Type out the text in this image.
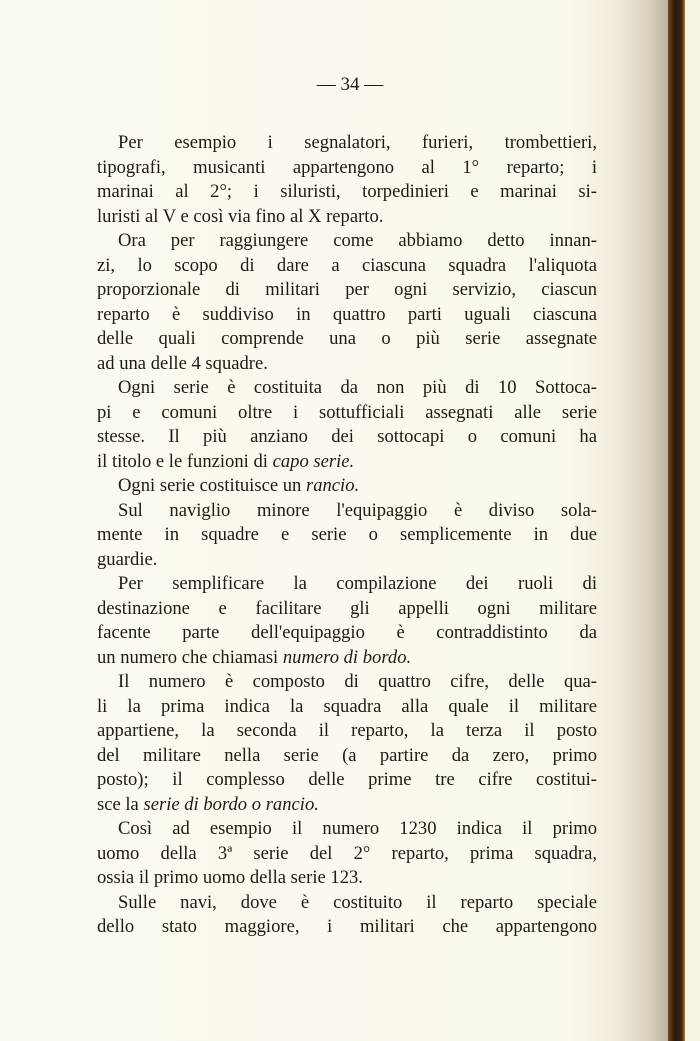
— 34 —
Per esempio i segnalatori, furieri, trombettieri,
tipografi, musicanti appartengono al 1° reparto; i
marinai al 2°; i siluristi, torpedinieri e marinai si-
luristi al V e così via fino al X reparto.
Ora per raggiungere come abbiamo detto innan-
zi, lo scopo di dare a ciascuna squadra l'aliquota
proporzionale di militari per ogni servizio, ciascun
reparto è suddiviso in quattro parti uguali ciascuna
delle quali comprende una o più serie assegnate
ad una delle 4 squadre.
Ogni serie è costituita da non più di 10 Sottoca-
pi e comuni oltre i sottufficiali assegnati alle serie
stesse. Il più anziano dei sottocapi o comuni ha
il titolo e le funzioni di capo serie.
Ogni serie costituisce un rancio.
Sul naviglio minore l'equipaggio è diviso sola-
mente in squadre e serie o semplicemente in due
guardie.
Per semplificare la compilazione dei ruoli di
destinazione e facilitare gli appelli ogni militare
facente parte dell'equipaggio è contraddistinto da
un numero che chiamasi numero di bordo.
Il numero è composto di quattro cifre, delle qua-
li la prima indica la squadra alla quale il militare
appartiene, la seconda il reparto, la terza il posto
del militare nella serie (a partire da zero, primo
posto); il complesso delle prime tre cifre costitui-
sce la serie di bordo o rancio.
Così ad esempio il numero 1230 indica il primo
uomo della 3ª serie del 2° reparto, prima squadra,
ossia il primo uomo della serie 123.
Sulle navi, dove è costituito il reparto speciale
dello stato maggiore, i militari che appartengono
